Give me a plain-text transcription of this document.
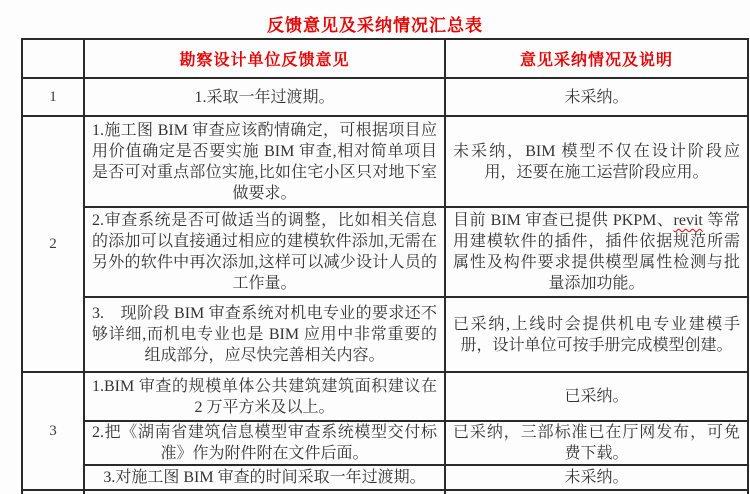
反馈意见及采纳情况汇总表
	勘察设计单位反馈意见	意见采纳情况及说明
1	1.采取一年过渡期。	未采纳。
2	1.施工图 BIM 审查应该酌情确定，可根据项目应用价值确定是否要实施 BIM 审查,相对简单项目是否可对重点部位实施,比如住宅小区只对地下室做要求。	未采纳，BIM 模型不仅在设计阶段应用，还要在施工运营阶段应用。
	2.审查系统是否可做适当的调整，比如相关信息的添加可以直接通过相应的建模软件添加,无需在另外的软件中再次添加,这样可以减少设计人员的工作量。	目前 BIM 审查已提供 PKPM、revit 等常用建模软件的插件，插件依据规范所需属性及构件要求提供模型属性检测与批量添加功能。
	3.　现阶段 BIM 审查系统对机电专业的要求还不够详细,而机电专业也是 BIM 应用中非常重要的组成部分，应尽快完善相关内容。	已采纳,上线时会提供机电专业建模手册，设计单位可按手册完成模型创建。
3	1.BIM 审查的规模单体公共建筑建筑面积建议在 2 万平方米及以上。	已采纳。
	2.把《湖南省建筑信息模型审查系统模型交付标准》作为附件附在文件后面。	已采纳，三部标准已在厅网发布，可免费下载。
	3.对施工图 BIM 审查的时间采取一年过渡期。	未采纳。
